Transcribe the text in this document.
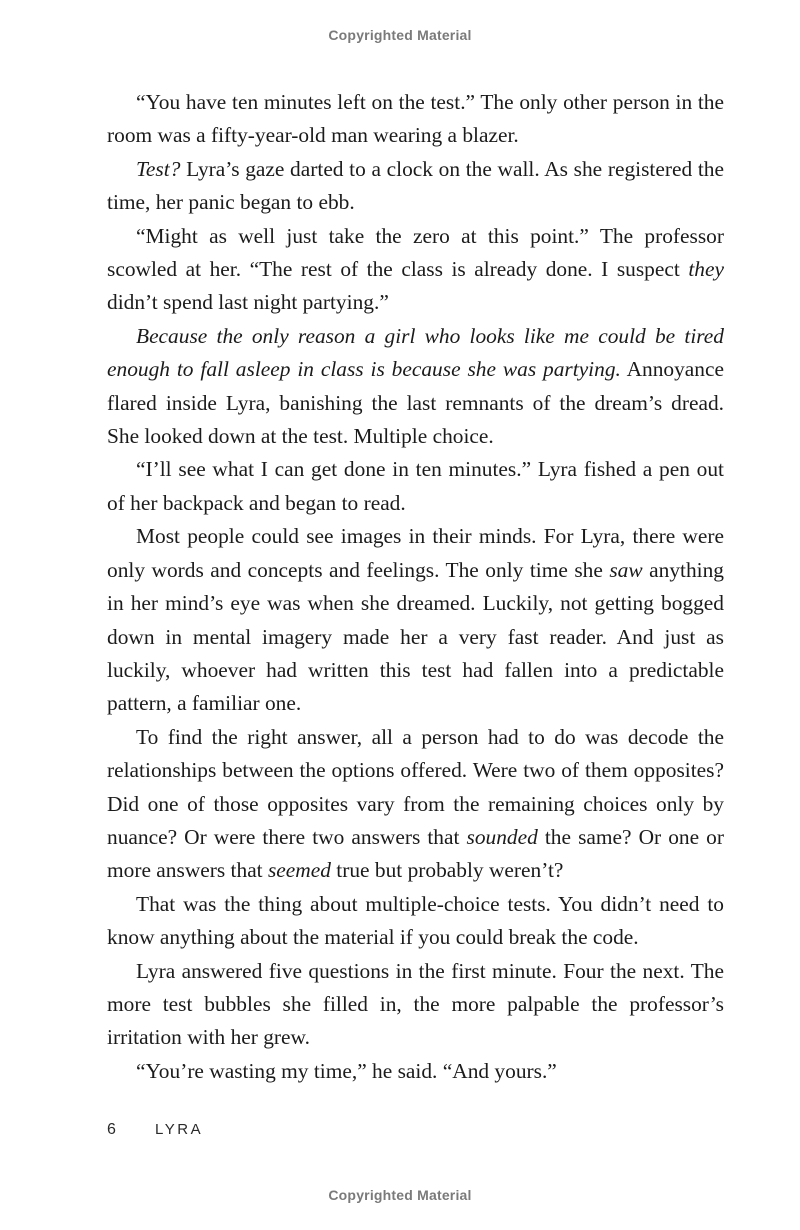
Copyrighted Material

“You have ten minutes left on the test.” The only other person in the room was a fifty-year-old man wearing a blazer.

Test? Lyra’s gaze darted to a clock on the wall. As she registered the time, her panic began to ebb.

“Might as well just take the zero at this point.” The professor scowled at her. “The rest of the class is already done. I suspect they didn’t spend last night partying.”

Because the only reason a girl who looks like me could be tired enough to fall asleep in class is because she was partying. Annoyance flared inside Lyra, banishing the last remnants of the dream’s dread. She looked down at the test. Multiple choice.

“I’ll see what I can get done in ten minutes.” Lyra fished a pen out of her backpack and began to read.

Most people could see images in their minds. For Lyra, there were only words and concepts and feelings. The only time she saw anything in her mind’s eye was when she dreamed. Luckily, not getting bogged down in mental imagery made her a very fast reader. And just as luckily, whoever had written this test had fallen into a predictable pattern, a familiar one.

To find the right answer, all a person had to do was decode the relationships between the options offered. Were two of them opposites? Did one of those opposites vary from the remaining choices only by nuance? Or were there two answers that sounded the same? Or one or more answers that seemed true but probably weren’t?

That was the thing about multiple-choice tests. You didn’t need to know anything about the material if you could break the code.

Lyra answered five questions in the first minute. Four the next. The more test bubbles she filled in, the more palpable the professor’s irritation with her grew.

“You’re wasting my time,” he said. “And yours.”

6	LYRA
Copyrighted Material
